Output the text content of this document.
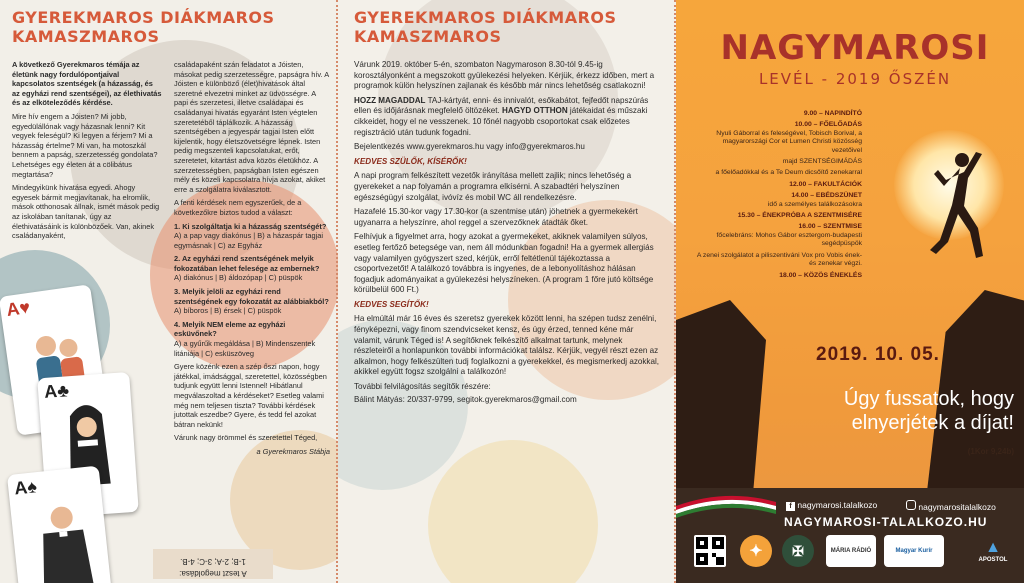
GYEREKMAROS DIÁKMAROS KAMASZMAROS

A következő Gyerekmaros témája az életünk nagy fordulópontjaival kapcsolatos szentségek (a házasság, és az egyházi rend szentségei), az élethivatás és az elköteleződés kérdése.

Mire hív engem a Jóisten? Mi jobb, egyedülállónak vagy házasnak lenni? Kit vegyek feleségül? Ki legyen a férjem? Mi a házasság értelme? Mi van, ha motoszkál bennem a papság, szerzetesség gondolata? Lehetséges egy életen át a cölibátus megtartása?

Mindegyikünk hivatása egyedi. Ahogy egyesek bármit megjavítanak, ha elromlik, mások otthonosak állnak, ismét mások pedig az iskolában tanítanak, úgy az élethivatásáink is különbözőek. Van, akinek családanyaként,

családapaként szán feladatot a Jóisten, másokat pedig szerzetességre, papságra hív. A Jóisten e különböző (élet)hivatások által szeretné elvezetni minket az üdvösségre. A papi és szerzetesi, illetve családapai és családanyai hivatás egyaránt Isten végtelen szeretetéből táplálkozik. A házasság szentségében a jegyespár tagjai Isten előtt kijelentik, hogy életszövetségre lépnek. Isten pedig megszenteli kapcsolatukat, erőt, szeretetet, kitartást adva közös életükhöz. A szerzetességben, papságban Isten egészen mély és közeli kapcsolatra hívja azokat, akiket erre a szolgálatra kiválasztott.

A fenti kérdések nem egyszerűek, de a következőkre biztos tudod a választ:

1. Ki szolgáltatja ki a házasság szentségét?

A) a pap vagy diakónus | B) a házaspár tagjai egymásnak | C) az Egyház

2. Az egyházi rend szentségének melyik fokozatában lehet felesége az embernek?

A) diakónus | B) áldozópap | C) püspök

3. Melyik jelöli az egyházi rend szentségének egy fokozatát az alábbiakból?

A) bíboros | B) érsek | C) püspök

4. Melyik NEM eleme az egyházi esküvőnek?

A) a gyűrűk megáldása | B) Mindenszentek litániája | C) esküszöveg

Gyere közénk ezen a szép őszi napon, hogy játékkal, imádsággal, szeretettel, közösségben tudjunk együtt lenni Istennel! Hibátlanul megválaszoltad a kérdéseket? Esetleg valami még nem teljesen tiszta? További kérdések jutottak eszedbe? Gyere, és tedd fel azokat bátran nekünk!

Várunk nagy örömmel és szeretettel Téged,

a Gyerekmaros Stábja

A♥
A♣
A♠
A teszt megoldása:
1-B; 2-A; 3-C; 4-B.
GYEREKMAROS DIÁKMAROS KAMASZMAROS

Várunk 2019. október 5-én, szombaton Nagymaroson 8.30-tól 9.45-ig korosztályonként a megszokott gyülekezési helyeken. Kérjük, érkezz időben, mert a programok külön helyszínen zajlanak és később már nincs lehetőség csatlakozni!

HOZZ MAGADDAL TAJ-kártyát, enni- és innivalót, esőkabátot, fejfedőt napszúrás ellen és időjárásnak megfelelő öltözéket. HAGYD OTTHON játékaidat és műszaki cikkeidet, hogy el ne vesszenek. 10 főnél nagyobb csoportokat csak előzetes regisztráció után tudunk fogadni.

Bejelentkezés www.gyerekmaros.hu vagy info@gyerekmaros.hu

KEDVES SZÜLŐK, KÍSÉRŐK!

A napi program felkészített vezetők irányítása mellett zajlik; nincs lehetőség a gyerekeket a nap folyamán a programra elkísérni. A szabadtéri helyszínen egészségügyi szolgálat, ivóvíz és mobil WC áll rendelkezésre.

Hazafelé 15.30-kor vagy 17.30-kor (a szentmise után) jöhetnek a gyermekekért ugyanarra a helyszínre, ahol reggel a szervezőknek átadták őket.

Felhívjuk a figyelmet arra, hogy azokat a gyermekeket, akiknek valamilyen súlyos, esetleg fertőző betegsége van, nem áll módunkban fogadni! Ha a gyermek allergiás vagy valamilyen gyógyszert szed, kérjük, erről feltétlenül tájékoztassa a csoportvezetőt! A találkozó továbbra is ingyenes, de a lebonyolításhoz hálásan fogadjuk adományaikat a gyülekezési helyszíneken. (A program 1 főre jutó költsége körülbelül 600 Ft.)

KEDVES SEGÍTŐK!

Ha elmúltál már 16 éves és szeretsz gyerekek között lenni, ha szépen tudsz zenélni, fényképezni, vagy finom szendvicseket kensz, és úgy érzed, tenned kéne már valamit, várunk Téged is! A segítőknek felkészítő alkalmat tartunk, melynek részleteiről a honlapunkon további információkat találsz. Kérjük, vegyél részt ezen az alkalmon, hogy felkészülten tudj foglalkozni a gyerekekkel, és megismerkedj azokkal, akikkel együtt fogsz szolgálni a találkozón!

További felvilágosítás segítők részére:

Bálint Mátyás: 20/337-9799, segitok.gyerekmaros@gmail.com

NAGYMAROSI
LEVÉL - 2019 ŐSZÉN
9.00 – NAPINDÍTÓ
10.00 – FŐELŐADÁS
Nyuli Gáborral és feleségével, Tobisch Borival, a magyarországi Cor et Lumen Christi közösség vezetőivel
majd SZENTSÉGIMÁDÁS
a főelőadókkal és a Te Deum dicsőítő zenekarral
12.00 – FAKULTÁCIÓK
14.00 – EBÉDSZÜNET
idő a személyes találkozásokra
15.30 – ÉNEKPRÓBA A SZENTMISÉRE
16.00 – SZENTMISE
főcelebráns: Mohos Gábor esztergom-budapesti segédpüspök
A zenei szolgálatot a piliszentiváni Vox pro Vobis ének- és zenekar végzi.
18.00 – KÖZÖS ÉNEKLÉS
2019. 10. 05.
Úgy fussatok, hogy
elnyerjétek a díjat!
(1Kor 9,24b)
f nagymarosi.talalkozo	nagymarositalalkozo
NAGYMAROSI-TALALKOZO.HU
✦ ✠	MÁRIA RÁDIÓ	Magyar Kurír	▲
APOSTOL
